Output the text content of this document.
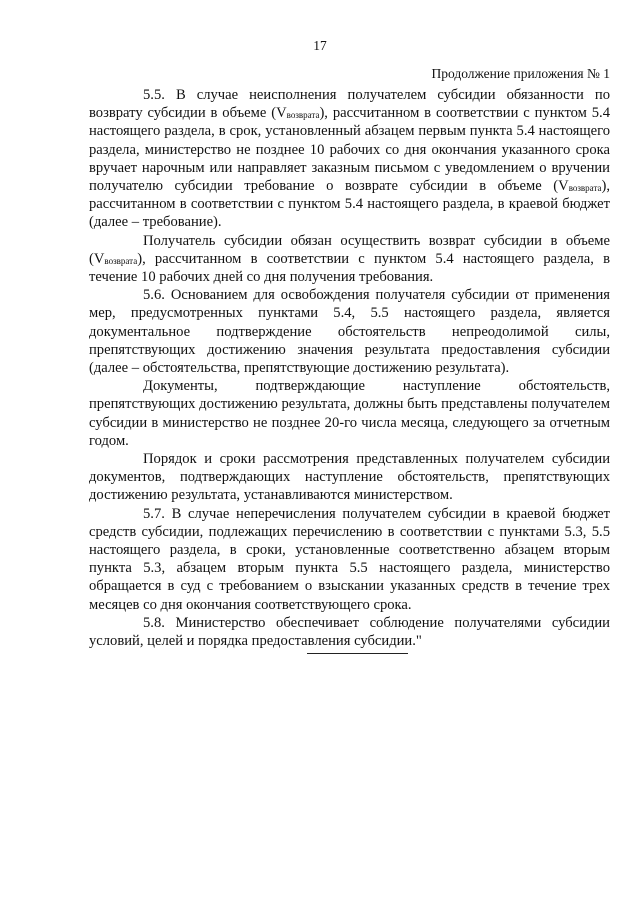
17
Продолжение приложения № 1

5.5. В случае неисполнения получателем субсидии обязанности по возврату субсидии в объеме $(V_{возврата})$, рассчитанном в соответствии с пунктом 5.4 настоящего раздела, в срок, установленный абзацем первым пункта 5.4 настоящего раздела, министерство не позднее 10 рабочих со дня окончания указанного срока вручает нарочным или направляет заказным письмом с уведомлением о вручении получателю субсидии требование о возврате субсидии в объеме $(V_{возврата})$, рассчитанном в соответствии с пунктом 5.4 настоящего раздела, в краевой бюджет (далее – требование).

Получатель субсидии обязан осуществить возврат субсидии в объеме $(V_{возврата})$, рассчитанном в соответствии с пунктом 5.4 настоящего раздела, в течение 10 рабочих дней со дня получения требования.

5.6. Основанием для освобождения получателя субсидии от применения мер, предусмотренных пунктами 5.4, 5.5 настоящего раздела, является документальное подтверждение обстоятельств непреодолимой силы, препятствующих достижению значения результата предоставления субсидии (далее – обстоятельства, препятствующие достижению результата).

Документы, подтверждающие наступление обстоятельств, препятствующих достижению результата, должны быть представлены получателем субсидии в министерство не позднее 20-го числа месяца, следующего за отчетным годом.

Порядок и сроки рассмотрения представленных получателем субсидии документов, подтверждающих наступление обстоятельств, препятствующих достижению результата, устанавливаются министерством.

5.7. В случае неперечисления получателем субсидии в краевой бюджет средств субсидии, подлежащих перечислению в соответствии с пунктами 5.3, 5.5 настоящего раздела, в сроки, установленные соответственно абзацем вторым пункта 5.3, абзацем вторым пункта 5.5 настоящего раздела, министерство обращается в суд с требованием о взыскании указанных средств в течение трех месяцев со дня окончания соответствующего срока.

5.8. Министерство обеспечивает соблюдение получателями субсидии условий, целей и порядка предоставления субсидии."
